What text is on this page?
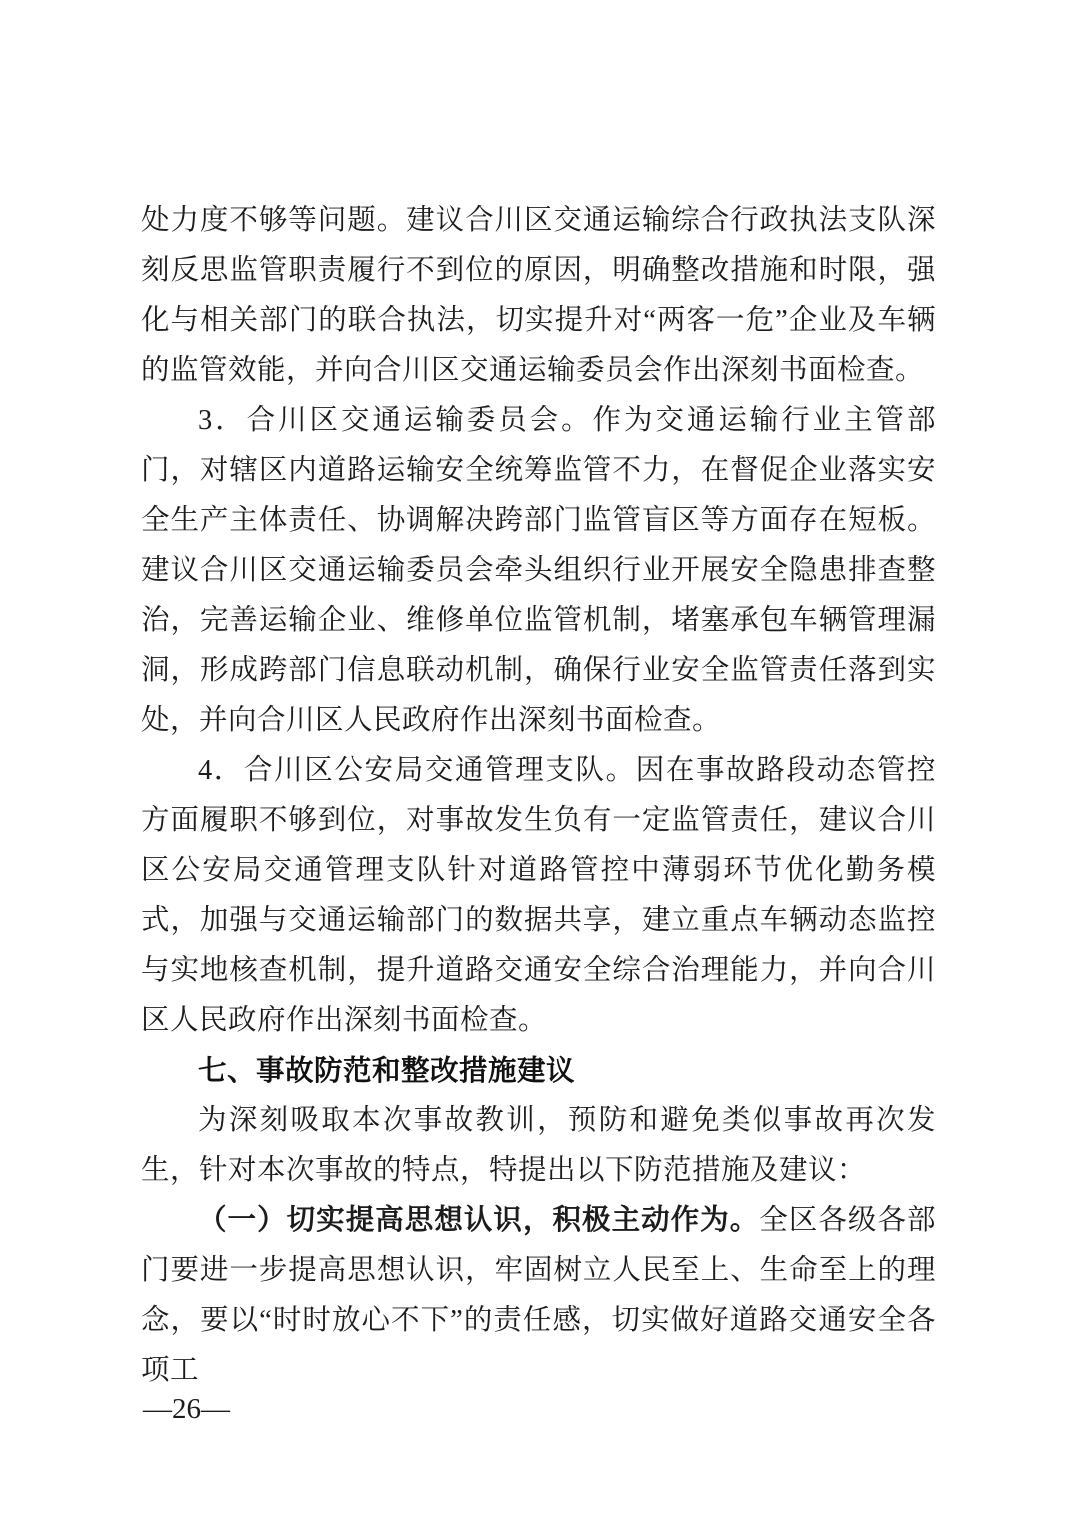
处力度不够等问题。建议合川区交通运输综合行政执法支队深刻反思监管职责履行不到位的原因，明确整改措施和时限，强化与相关部门的联合执法，切实提升对“两客一危”企业及车辆的监管效能，并向合川区交通运输委员会作出深刻书面检查。

3．合川区交通运输委员会。作为交通运输行业主管部门，对辖区内道路运输安全统筹监管不力，在督促企业落实安全生产主体责任、协调解决跨部门监管盲区等方面存在短板。建议合川区交通运输委员会牵头组织行业开展安全隐患排查整治，完善运输企业、维修单位监管机制，堵塞承包车辆管理漏洞，形成跨部门信息联动机制，确保行业安全监管责任落到实处，并向合川区人民政府作出深刻书面检查。

4．合川区公安局交通管理支队。因在事故路段动态管控方面履职不够到位，对事故发生负有一定监管责任，建议合川区公安局交通管理支队针对道路管控中薄弱环节优化勤务模式，加强与交通运输部门的数据共享，建立重点车辆动态监控与实地核查机制，提升道路交通安全综合治理能力，并向合川区人民政府作出深刻书面检查。

七、事故防范和整改措施建议

为深刻吸取本次事故教训，预防和避免类似事故再次发生，针对本次事故的特点，特提出以下防范措施及建议：

（一）切实提高思想认识，积极主动作为。全区各级各部门要进一步提高思想认识，牢固树立人民至上、生命至上的理念，要以“时时放心不下”的责任感，切实做好道路交通安全各项工

—26—
